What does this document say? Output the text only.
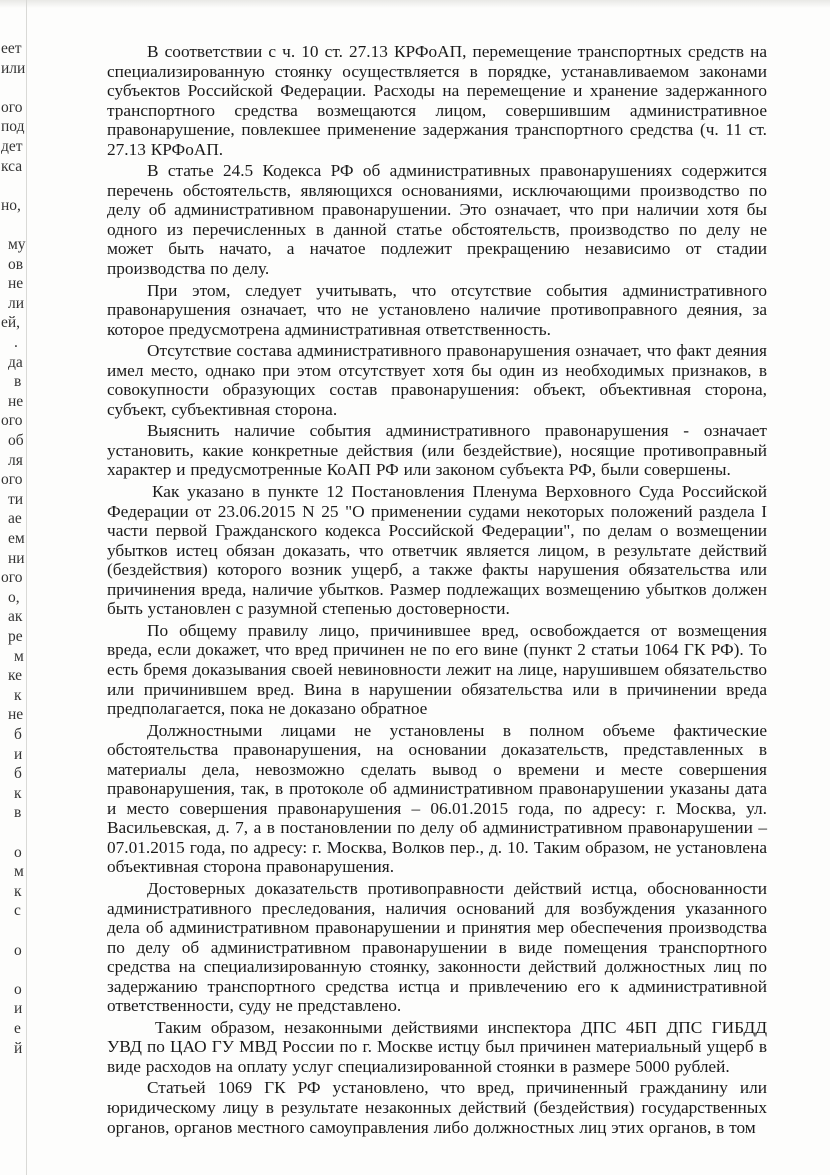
еет
или
ого
под
дет
кса
но,
му
ов
не
ли
ей,
.
да
в
не
ого
об
ля
ого
ти
ае
ем
ни
ого
о,
ак
ре
м
ке
к
не
б
и
б
к
в
о
м
к
с
о
о
и
е
й

В соответствии с ч. 10 ст. 27.13 КРФоАП, перемещение транспортных средств на специализированную стоянку осуществляется в порядке, устанавливаемом законами субъектов Российской Федерации. Расходы на перемещение и хранение задержанного транспортного средства возмещаются лицом, совершившим административное правонарушение, повлекшее применение задержания транспортного средства (ч. 11 ст. 27.13 КРФоАП.

В статье 24.5 Кодекса РФ об административных правонарушениях содержится перечень обстоятельств, являющихся основаниями, исключающими производство по делу об административном правонарушении. Это означает, что при наличии хотя бы одного из перечисленных в данной статье обстоятельств, производство по делу не может быть начато, а начатое подлежит прекращению независимо от стадии производства по делу.

При этом, следует учитывать, что отсутствие события административного правонарушения означает, что не установлено наличие противоправного деяния, за которое предусмотрена административная ответственность.

Отсутствие состава административного правонарушения означает, что факт деяния имел место, однако при этом отсутствует хотя бы один из необходимых признаков, в совокупности образующих состав правонарушения: объект, объективная сторона, субъект, субъективная сторона.

Выяснить наличие события административного правонарушения - означает установить, какие конкретные действия (или бездействие), носящие противоправный характер и предусмотренные КоАП РФ или законом субъекта РФ, были совершены.

Как указано в пункте 12 Постановления Пленума Верховного Суда Российской Федерации от 23.06.2015 N 25 "О применении судами некоторых положений раздела I части первой Гражданского кодекса Российской Федерации", по делам о возмещении убытков истец обязан доказать, что ответчик является лицом, в результате действий (бездействия) которого возник ущерб, а также факты нарушения обязательства или причинения вреда, наличие убытков. Размер подлежащих возмещению убытков должен быть установлен с разумной степенью достоверности.

По общему правилу лицо, причинившее вред, освобождается от возмещения вреда, если докажет, что вред причинен не по его вине (пункт 2 статьи 1064 ГК РФ). То есть бремя доказывания своей невиновности лежит на лице, нарушившем обязательство или причинившем вред. Вина в нарушении обязательства или в причинении вреда предполагается, пока не доказано обратное

Должностными лицами не установлены в полном объеме фактические обстоятельства правонарушения, на основании доказательств, представленных в материалы дела, невозможно сделать вывод о времени и месте совершения правонарушения, так, в протоколе об административном правонарушении указаны дата и место совершения правонарушения – 06.01.2015 года, по адресу: г. Москва, ул. Васильевская, д. 7, а в постановлении по делу об административном правонарушении – 07.01.2015 года, по адресу: г. Москва, Волков пер., д. 10. Таким образом, не установлена объективная сторона правонарушения.

Достоверных доказательств противоправности действий истца, обоснованности административного преследования, наличия оснований для возбуждения указанного дела об административном правонарушении и принятия мер обеспечения производства по делу об административном правонарушении в виде помещения транспортного средства на специализированную стоянку, законности действий должностных лиц по задержанию транспортного средства истца и привлечению его к административной ответственности, суду не представлено.

Таким образом, незаконными действиями инспектора ДПС 4БП ДПС ГИБДД УВД по ЦАО ГУ МВД России по г. Москве истцу был причинен материальный ущерб в виде расходов на оплату услуг специализированной стоянки в размере 5000 рублей.

Статьей 1069 ГК РФ установлено, что вред, причиненный гражданину или юридическому лицу в результате незаконных действий (бездействия) государственных органов, органов местного самоуправления либо должностных лиц этих органов, в том
